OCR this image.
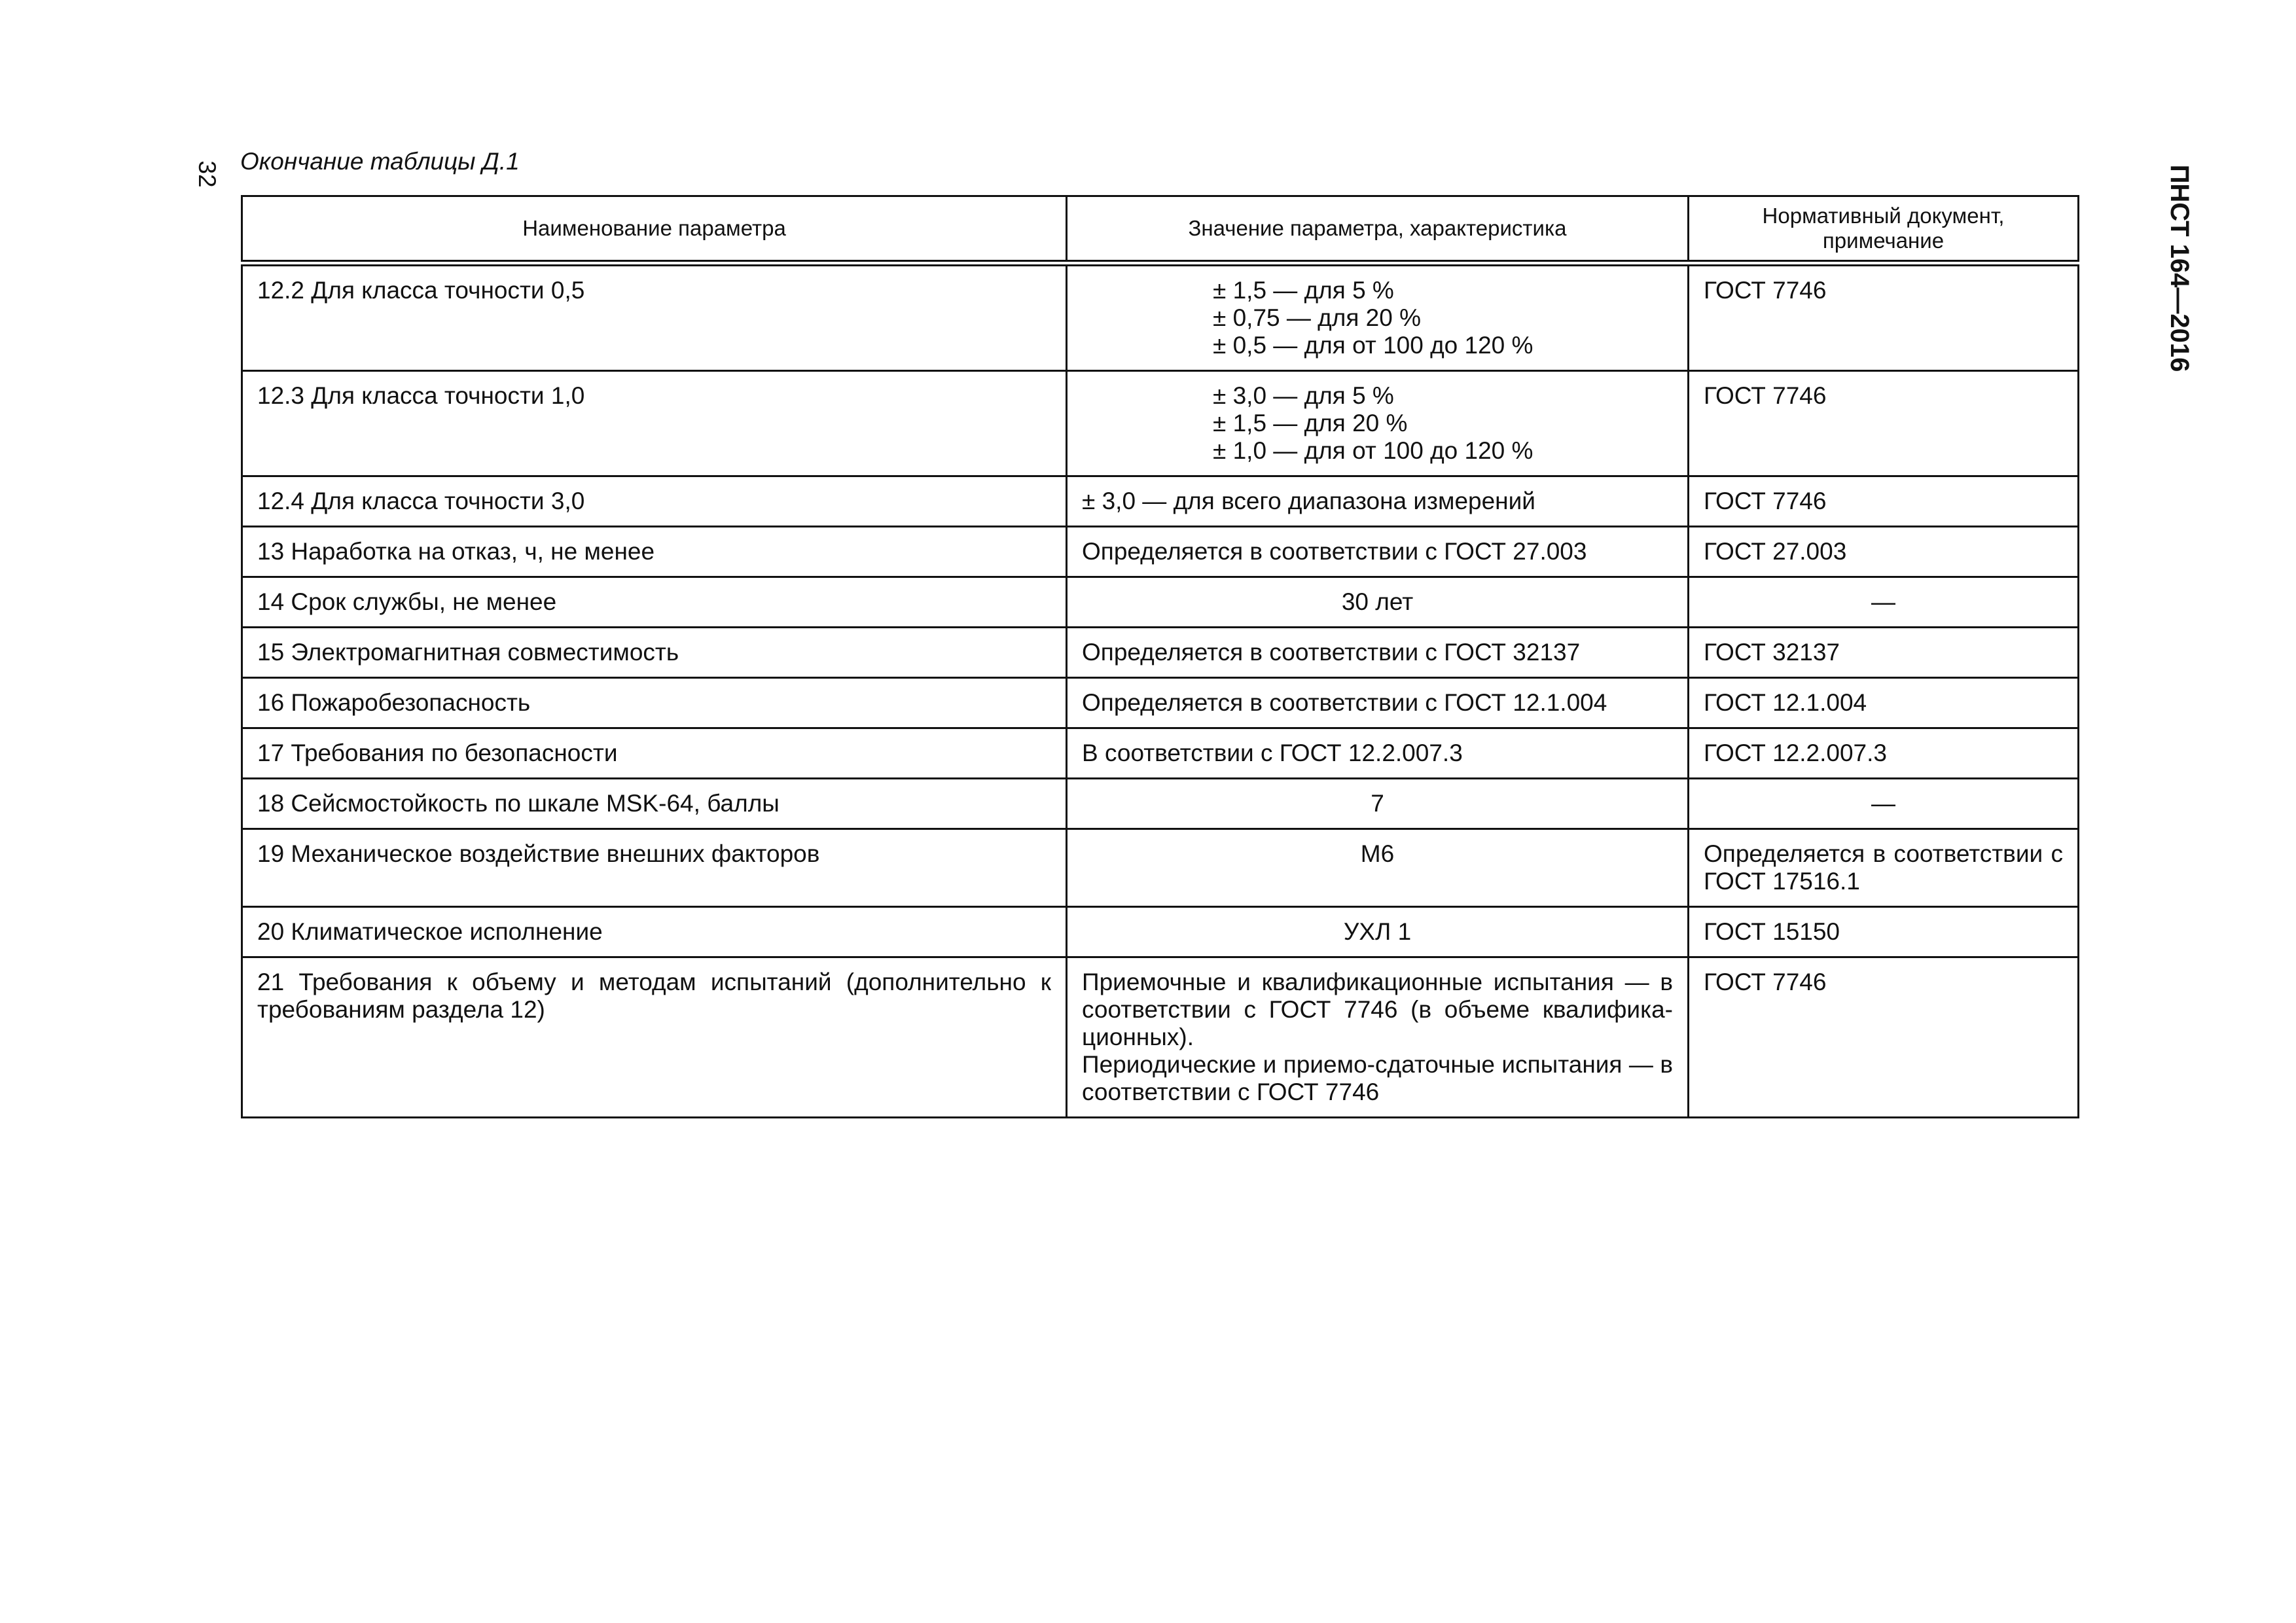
32 Окончание таблицы Д.1
ПНСТ 164—2016
Наименование параметра	Значение параметра, характеристика	Нормативный документ, примечание
12.2 Для класса точности 0,5	± 1,5 — для 5 %
± 0,75 — для 20 %
± 0,5 — для от 100 до 120 %	ГОСТ 7746
12.3 Для класса точности 1,0	± 3,0 — для 5 %
± 1,5 — для 20 %
± 1,0 — для от 100 до 120 %	ГОСТ 7746
12.4 Для класса точности 3,0	± 3,0 — для всего диапазона измерений	ГОСТ 7746
13 Наработка на отказ, ч, не менее	Определяется в соответствии с ГОСТ 27.003	ГОСТ 27.003
14 Срок службы, не менее	30 лет	—
15 Электромагнитная совместимость	Определяется в соответствии с ГОСТ 32137	ГОСТ 32137
16 Пожаробезопасность	Определяется в соответствии с ГОСТ 12.1.004	ГОСТ 12.1.004
17 Требования по безопасности	В соответствии с ГОСТ 12.2.007.3	ГОСТ 12.2.007.3
18 Сейсмостойкость по шкале MSK-64, баллы	7	—
19 Механическое воздействие внешних факторов	М6	Определяется в соответствии с ГОСТ 17516.1
20 Климатическое исполнение	УХЛ 1	ГОСТ 15150
21 Требования к объему и методам испытаний (дополнительно к требованиям раздела 12)	Приемочные и квалификационные испытания — в соответствии с ГОСТ 7746 (в объеме квалифика-ционных).
Периодические и приемо-сдаточные испытания — в соответствии с ГОСТ 7746	ГОСТ 7746
